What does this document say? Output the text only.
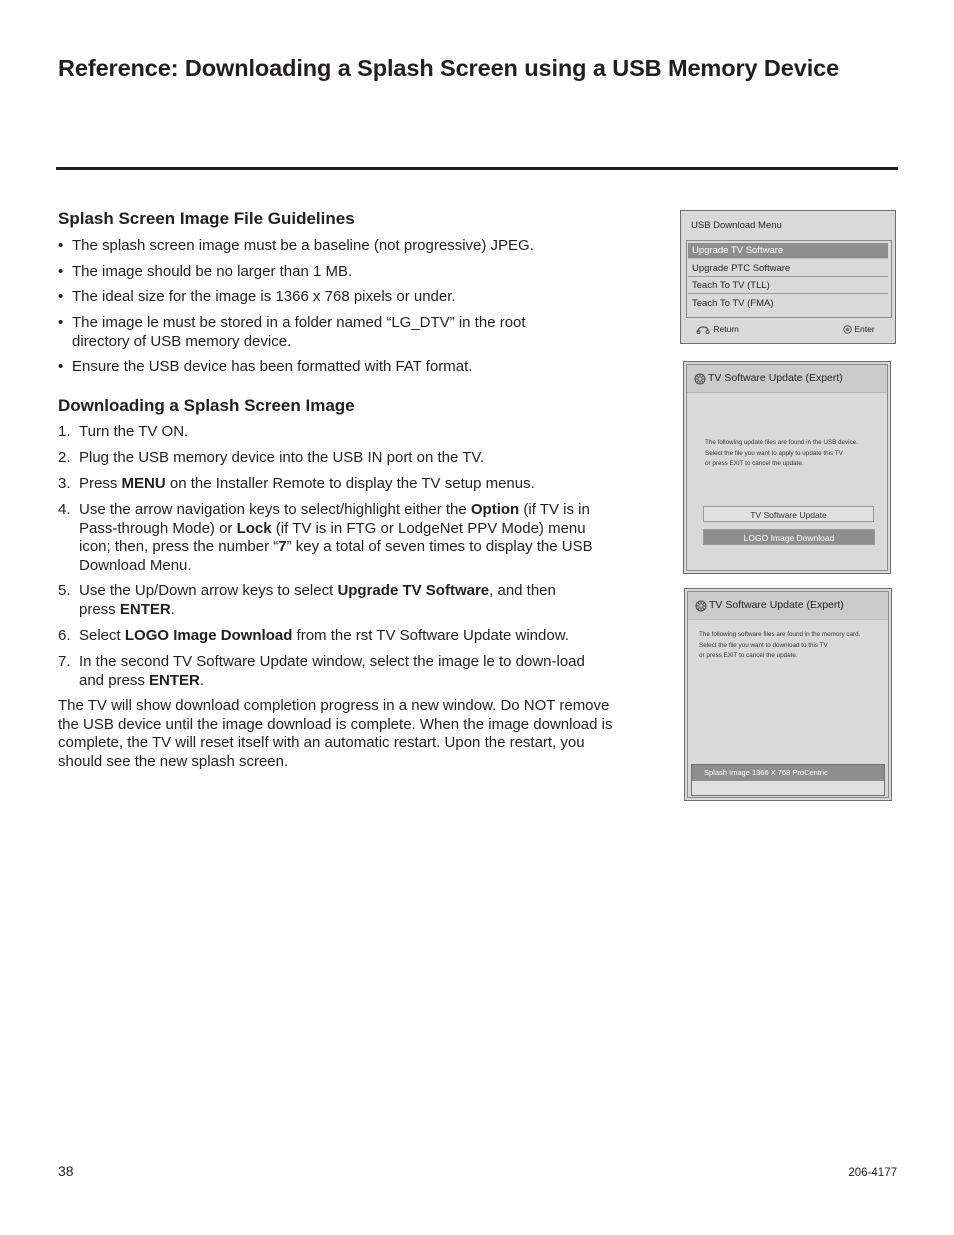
Reference: Downloading a Splash Screen using a USB Memory Device
Splash Screen Image File Guidelines
• The splash screen image must be a baseline (not progressive) JPEG.
• The image should be no larger than 1 MB.
• The ideal size for the image is 1366 x 768 pixels or under.
• The image le must be stored in a folder named “LG_DTV” in the root directory of USB memory device.
• Ensure the USB device has been formatted with FAT format.
Downloading a Splash Screen Image
1. Turn the TV ON.
2. Plug the USB memory device into the USB IN port on the TV.
3. Press MENU on the Installer Remote to display the TV setup menus.
4. Use the arrow navigation keys to select/highlight either the Option (if TV is in Pass-through Mode) or Lock (if TV is in FTG or LodgeNet PPV Mode) menu icon; then, press the number “7” key a total of seven times to display the USB Download Menu.
5. Use the Up/Down arrow keys to select Upgrade TV Software, and then press ENTER.
6. Select LOGO Image Download from the rst TV Software Update window.
7. In the second TV Software Update window, select the image le to down-load and press ENTER.
The TV will show download completion progress in a new window. Do NOT remove the USB device until the image download is complete. When the image download is complete, the TV will reset itself with an automatic restart. Upon the restart, you should see the new splash screen.
USB Download Menu
Upgrade TV Software
Upgrade PTC Software
Teach To TV (TLL)
Teach To TV (FMA)
Return	Enter
TV Software Update (Expert)
The following update files are found in the USB device.
Select the file you want to apply to update this TV
or press EXIT to cancel the update.
TV Software Update
LOGO Image Download
TV Software Update (Expert)
The following software files are found in the memory card.
Select the file you want to download to this TV
or press EXIT to cancel the update.
Splash Image 1366 X 768 ProCentric
38	206-4177
